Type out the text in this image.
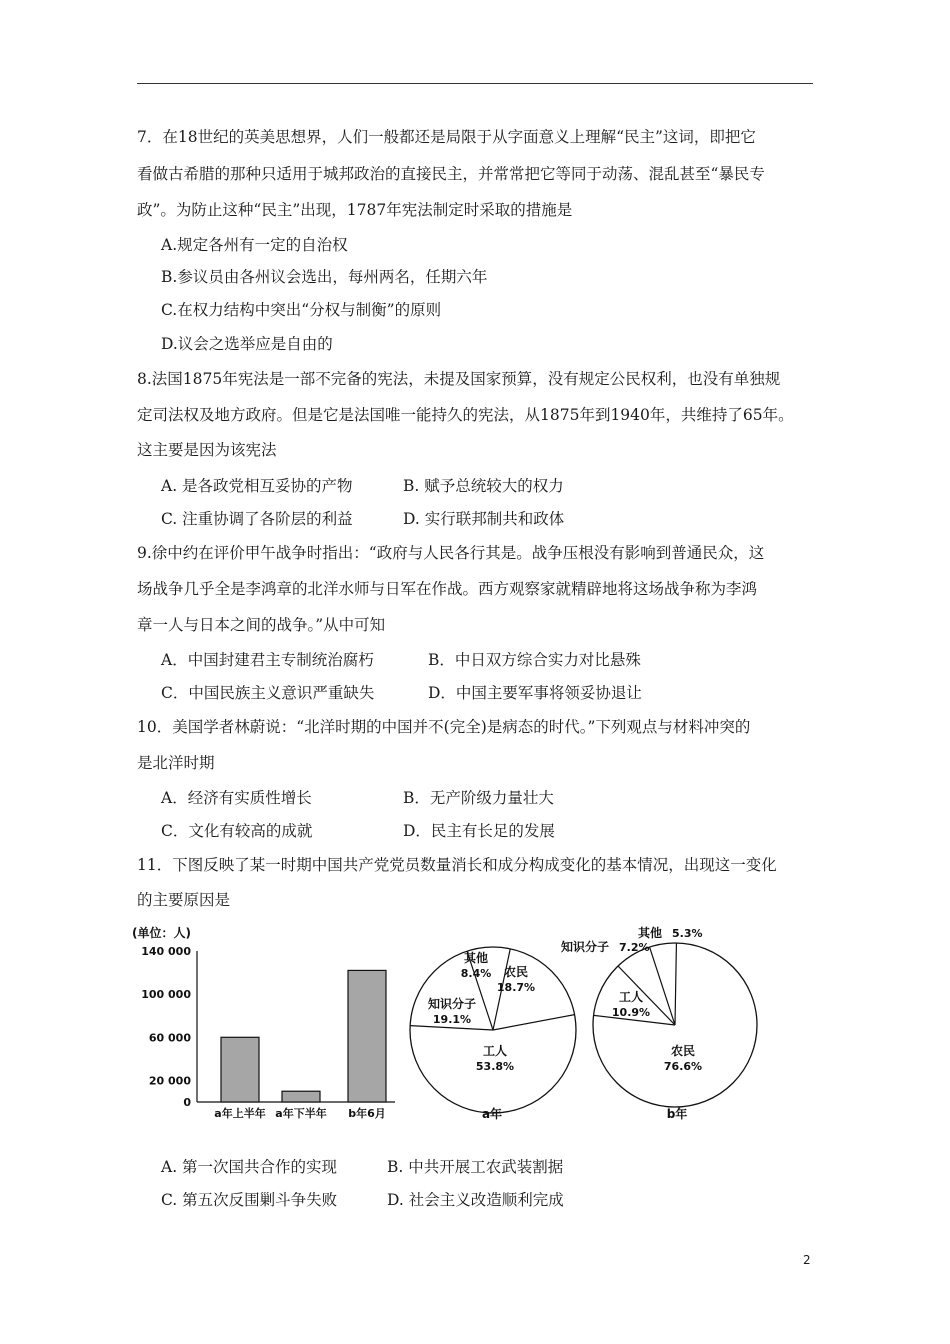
7．在18世纪的英美思想界，人们一般都还是局限于从字面意义上理解“民主”这词，即把它
看做古希腊的那种只适用于城邦政治的直接民主，并常常把它等同于动荡、混乱甚至“暴民专
政”。为防止这种“民主”出现，1787年宪法制定时采取的措施是
A.规定各州有一定的自治权
B.参议员由各州议会选出，每州两名，任期六年
C.在权力结构中突出“分权与制衡”的原则
D.议会之选举应是自由的
8.法国1875年宪法是一部不完备的宪法，未提及国家预算，没有规定公民权利，也没有单独规
定司法权及地方政府。但是它是法国唯一能持久的宪法，从1875年到1940年，共维持了65年。
这主要是因为该宪法
A. 是各政党相互妥协的产物	B. 赋予总统较大的权力
C. 注重协调了各阶层的利益	D. 实行联邦制共和政体
9.徐中约在评价甲午战争时指出：“政府与人民各行其是。战争压根没有影响到普通民众，这
场战争几乎全是李鸿章的北洋水师与日军在作战。西方观察家就精辟地将这场战争称为李鸿
章一人与日本之间的战争。”从中可知
A．中国封建君主专制统治腐朽	B．中日双方综合实力对比悬殊
C．中国民族主义意识严重缺失	D．中国主要军事将领妥协退让
10．美国学者林蔚说：“北洋时期的中国并不(完全)是病态的时代。”下列观点与材料冲突的
是北洋时期
A．经济有实质性增长	B．无产阶级力量壮大
C．文化有较高的成就	D．民主有长足的发展
11．下图反映了某一时期中国共产党党员数量消长和成分构成变化的基本情况，出现这一变化
的主要原因是
(单位：人)
0
20 000
60 000
100 000
140 000
a年上半年 a年下半年 b年6月
农民
18.7%
工人
53.8%
知识分子
19.1%
其他
8.4%
a年
农民
76.6%
工人
10.9%
知识分子 7.2%
其他 5.3%
b年
A. 第一次国共合作的实现	B. 中共开展工农武装割据
C. 第五次反围剿斗争失败	D. 社会主义改造顺利完成
2
